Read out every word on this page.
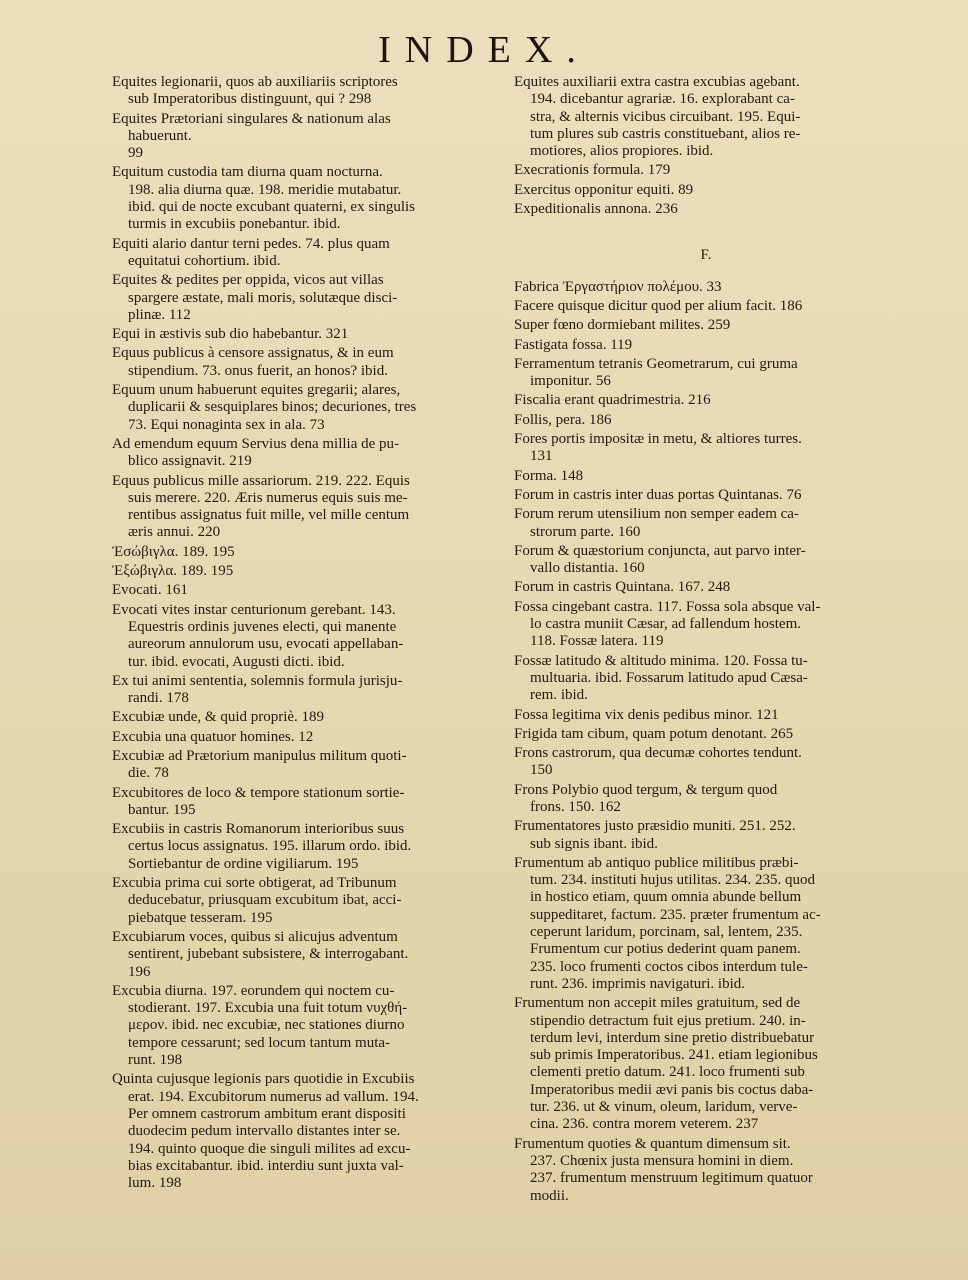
INDEX.
Equites legionarii, quos ab auxiliariis scriptores
sub Imperatoribus distinguunt, qui ? 298
Equites Prætoriani singulares & nationum alas
habuerunt.
99
Equitum custodia tam diurna quam nocturna.
198. alia diurna quæ. 198. meridie mutabatur.
ibid. qui de nocte excubant quaterni, ex singulis
turmis in excubiis ponebantur. ibid.
Equiti alario dantur terni pedes. 74. plus quam
equitatui cohortium. ibid.
Equites & pedites per oppida, vicos aut villas
spargere æstate, mali moris, solutæque disci-
plinæ. 112
Equi in æstivis sub dio habebantur. 321
Equus publicus à censore assignatus, & in eum
stipendium. 73. onus fuerit, an honos? ibid.
Equum unum habuerunt equites gregarii; alares,
duplicarii & sesquiplares binos; decuriones, tres
73. Equi nonaginta sex in ala. 73
Ad emendum equum Servius dena millia de pu-
blico assignavit. 219
Equus publicus mille assariorum. 219. 222. Equis
suis merere. 220. Æris numerus equis suis me-
rentibus assignatus fuit mille, vel mille centum
æris annui. 220
Ἐσώβιγλα. 189. 195
Ἐξώβιγλα. 189. 195
Evocati. 161
Evocati vites instar centurionum gerebant. 143.
Equestris ordinis juvenes electi, qui manente
aureorum annulorum usu, evocati appellaban-
tur. ibid. evocati, Augusti dicti. ibid.
Ex tui animi sententia, solemnis formula jurisju-
randi. 178
Excubiæ unde, & quid propriè. 189
Excubia una quatuor homines. 12
Excubiæ ad Prætorium manipulus militum quoti-
die. 78
Excubitores de loco & tempore stationum sortie-
bantur. 195
Excubiis in castris Romanorum interioribus suus
certus locus assignatus. 195. illarum ordo. ibid.
Sortiebantur de ordine vigiliarum. 195
Excubia prima cui sorte obtigerat, ad Tribunum
deducebatur, priusquam excubitum ibat, acci-
piebatque tesseram. 195
Excubiarum voces, quibus si alicujus adventum
sentirent, jubebant subsistere, & interrogabant.
196
Excubia diurna. 197. eorundem qui noctem cu-
stodierant. 197. Excubia una fuit totum νυχθή-
μερον. ibid. nec excubiæ, nec stationes diurno
tempore cessarunt; sed locum tantum muta-
runt. 198
Quinta cujusque legionis pars quotidie in Excubiis
erat. 194. Excubitorum numerus ad vallum. 194.
Per omnem castrorum ambitum erant dispositi
duodecim pedum intervallo distantes inter se.
194. quinto quoque die singuli milites ad excu-
bias excitabantur. ibid. interdiu sunt juxta val-
lum. 198
Equites auxiliarii extra castra excubias agebant.
194. dicebantur agrariæ. 16. explorabant ca-
stra, & alternis vicibus circuibant. 195. Equi-
tum plures sub castris constituebant, alios re-
motiores, alios propiores. ibid.
Execrationis formula. 179
Exercitus opponitur equiti. 89
Expeditionalis annona. 236
F.
Fabrica Ἐργαστήριον πολέμου. 33
Facere quisque dicitur quod per alium facit. 186
Super fœno dormiebant milites. 259
Fastigata fossa. 119
Ferramentum tetranis Geometrarum, cui gruma
imponitur. 56
Fiscalia erant quadrimestria. 216
Follis, pera. 186
Fores portis impositæ in metu, & altiores turres.
131
Forma. 148
Forum in castris inter duas portas Quintanas. 76
Forum rerum utensilium non semper eadem ca-
strorum parte. 160
Forum & quæstorium conjuncta, aut parvo inter-
vallo distantia. 160
Forum in castris Quintana. 167. 248
Fossa cingebant castra. 117. Fossa sola absque val-
lo castra muniit Cæsar, ad fallendum hostem.
118. Fossæ latera. 119
Fossæ latitudo & altitudo minima. 120. Fossa tu-
multuaria. ibid. Fossarum latitudo apud Cæsa-
rem. ibid.
Fossa legitima vix denis pedibus minor. 121
Frigida tam cibum, quam potum denotant. 265
Frons castrorum, qua decumæ cohortes tendunt.
150
Frons Polybio quod tergum, & tergum quod
frons. 150. 162
Frumentatores justo præsidio muniti. 251. 252.
sub signis ibant. ibid.
Frumentum ab antiquo publice militibus præbi-
tum. 234. instituti hujus utilitas. 234. 235. quod
in hostico etiam, quum omnia abunde bellum
suppeditaret, factum. 235. præter frumentum ac-
ceperunt laridum, porcinam, sal, lentem, 235.
Frumentum cur potius dederint quam panem.
235. loco frumenti coctos cibos interdum tule-
runt. 236. imprimis navigaturi. ibid.
Frumentum non accepit miles gratuitum, sed de
stipendio detractum fuit ejus pretium. 240. in-
terdum levi, interdum sine pretio distribuebatur
sub primis Imperatoribus. 241. etiam legionibus
clementi pretio datum. 241. loco frumenti sub
Imperatoribus medii ævi panis bis coctus daba-
tur. 236. ut & vinum, oleum, laridum, verve-
cina. 236. contra morem veterem. 237
Frumentum quoties & quantum dimensum sit.
237. Chœnix justa mensura homini in diem.
237. frumentum menstruum legitimum quatuor
modii.
